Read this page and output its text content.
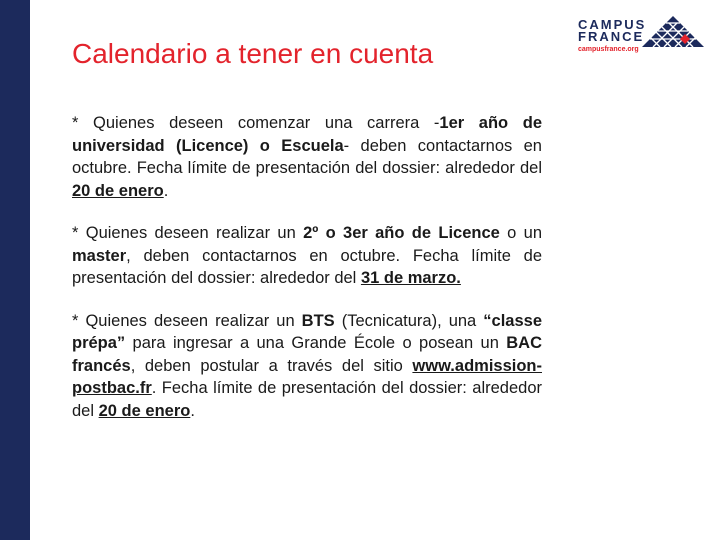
Calendario a tener en cuenta
CAMPUS
FRANCE
campusfrance.org

* Quienes deseen comenzar una carrera -1er año de universidad (Licence) o Escuela- deben contactarnos en octubre. Fecha límite de presentación del dossier: alrededor del 20 de enero.

* Quienes deseen realizar un 2º o 3er año de Licence o un master, deben contactarnos en octubre. Fecha límite de presentación del dossier: alrededor del 31 de marzo.

* Quienes deseen realizar un BTS (Tecnicatura), una “classe prépa” para ingresar a una Grande École o posean un BAC francés, deben postular a través del sitio www.admission-postbac.fr. Fecha límite de presentación del dossier: alrededor del 20 de enero.
